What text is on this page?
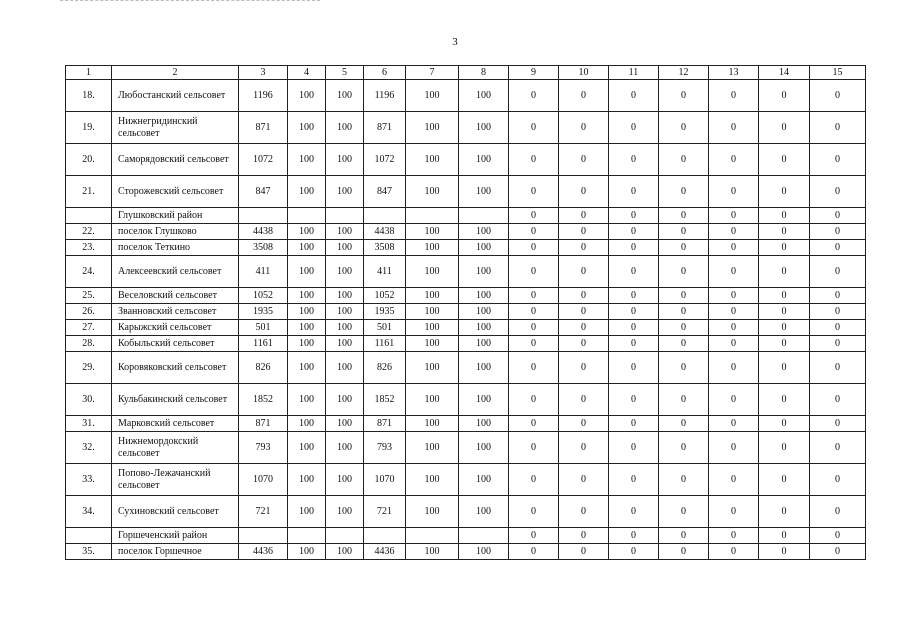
3
1	2	3	4	5	6	7	8	9	10	11	12	13	14	15
18.	Любостанский сельсовет	1196	100	100	1196	100	100	0	0	0	0	0	0	0
19.	Нижнегридинский сельсовет	871	100	100	871	100	100	0	0	0	0	0	0	0
20.	Саморядовский сельсовет	1072	100	100	1072	100	100	0	0	0	0	0	0	0
21.	Сторожевский сельсовет	847	100	100	847	100	100	0	0	0	0	0	0	0
	Глушковский район							0	0	0	0	0	0	0
22.	поселок Глушково	4438	100	100	4438	100	100	0	0	0	0	0	0	0
23.	поселок Теткино	3508	100	100	3508	100	100	0	0	0	0	0	0	0
24.	Алексеевский сельсовет	411	100	100	411	100	100	0	0	0	0	0	0	0
25.	Веселовский сельсовет	1052	100	100	1052	100	100	0	0	0	0	0	0	0
26.	Званновский сельсовет	1935	100	100	1935	100	100	0	0	0	0	0	0	0
27.	Карыжский сельсовет	501	100	100	501	100	100	0	0	0	0	0	0	0
28.	Кобыльский сельсовет	1161	100	100	1161	100	100	0	0	0	0	0	0	0
29.	Коровяковский сельсовет	826	100	100	826	100	100	0	0	0	0	0	0	0
30.	Кульбакинский сельсовет	1852	100	100	1852	100	100	0	0	0	0	0	0	0
31.	Марковский сельсовет	871	100	100	871	100	100	0	0	0	0	0	0	0
32.	Нижнемордокский сельсовет	793	100	100	793	100	100	0	0	0	0	0	0	0
33.	Попово-Лежачанский сельсовет	1070	100	100	1070	100	100	0	0	0	0	0	0	0
34.	Сухиновский сельсовет	721	100	100	721	100	100	0	0	0	0	0	0	0
	Горшеченский район							0	0	0	0	0	0	0
35.	поселок Горшечное	4436	100	100	4436	100	100	0	0	0	0	0	0	0
